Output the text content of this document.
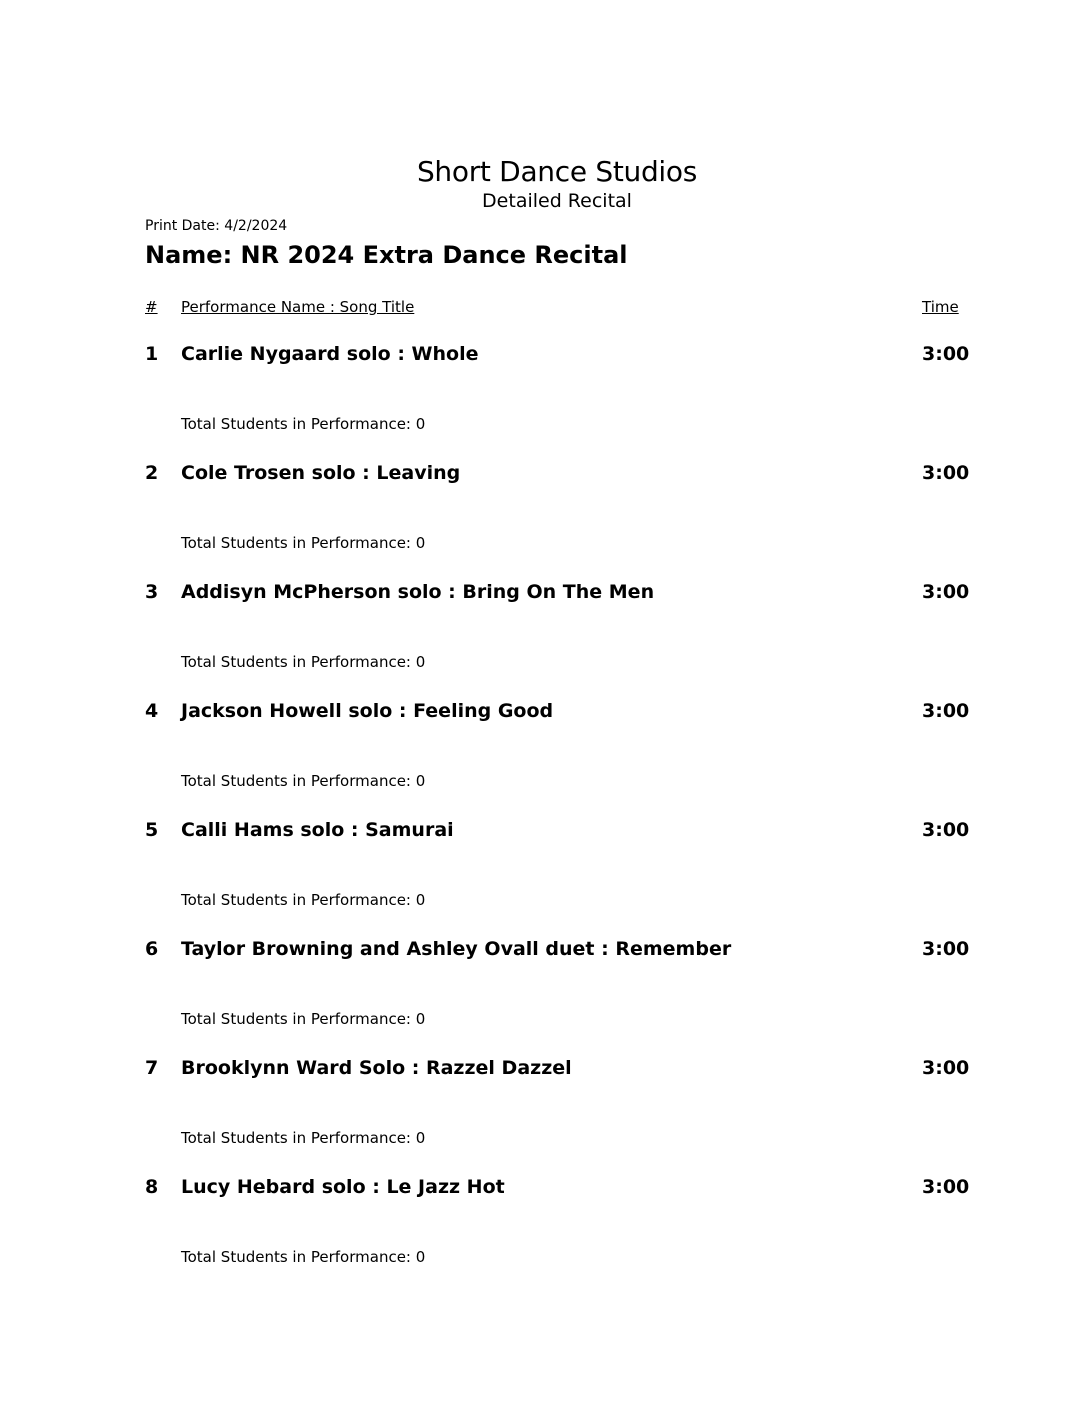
Short Dance Studios
Detailed Recital
Print Date: 4/2/2024
Name: NR 2024 Extra Dance Recital
# Performance Name : Song Title	Time
1 Carlie Nygaard solo : Whole	3:00
Total Students in Performance: 0
2 Cole Trosen solo : Leaving	3:00
Total Students in Performance: 0
3 Addisyn McPherson solo : Bring On The Men	3:00
Total Students in Performance: 0
4 Jackson Howell solo : Feeling Good	3:00
Total Students in Performance: 0
5 Calli Hams solo : Samurai	3:00
Total Students in Performance: 0
6 Taylor Browning and Ashley Ovall duet : Remember	3:00
Total Students in Performance: 0
7 Brooklynn Ward Solo : Razzel Dazzel	3:00
Total Students in Performance: 0
8 Lucy Hebard solo : Le Jazz Hot	3:00
Total Students in Performance: 0
